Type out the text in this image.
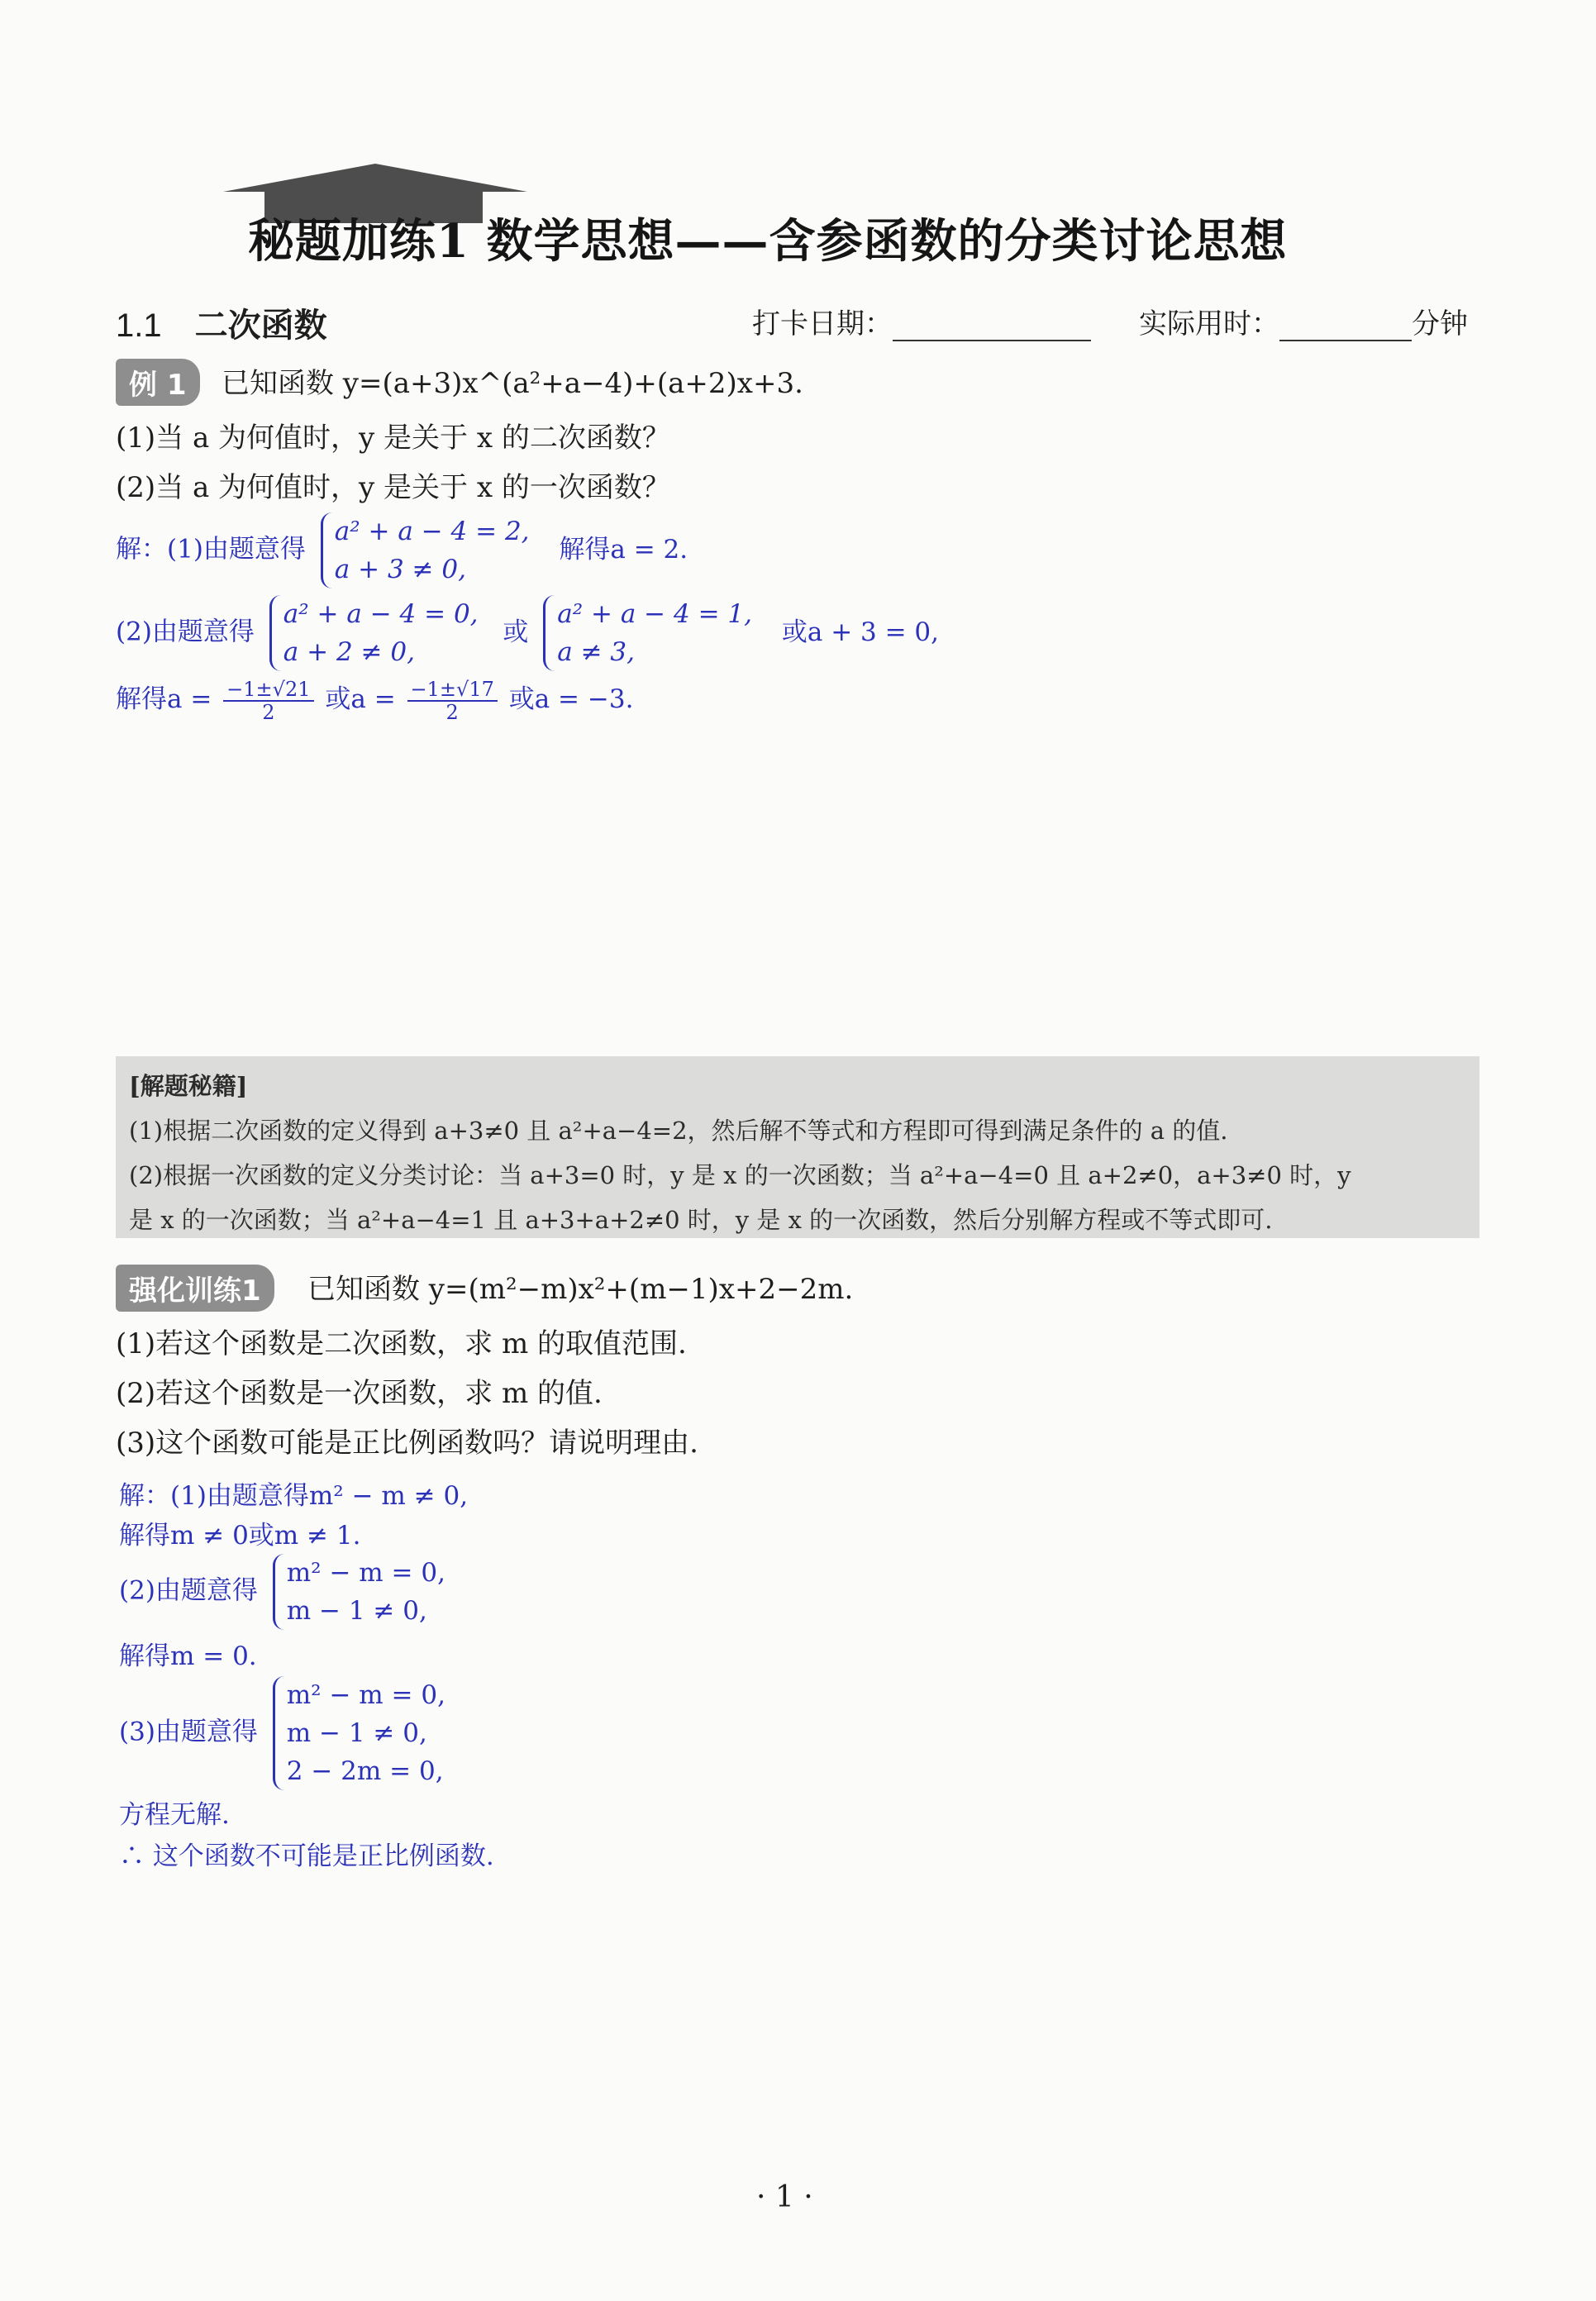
秘题加练1 数学思想——含参函数的分类讨论思想
1.1 二次函数	打卡日期：	实际用时：	分钟
例 1	已知函数 y=(a+3)x^(a²+a−4)+(a+2)x+3.
(1)当 a 为何值时，y 是关于 x 的二次函数？
(2)当 a 为何值时，y 是关于 x 的一次函数？
解：(1)由题意得 a² + a − 4 = 2,
a + 3 ≠ 0, 解得a = 2.
(2)由题意得 a² + a − 4 = 0,
a + 2 ≠ 0, 或 a² + a − 4 = 1,
a ≠ 3, 或a + 3 = 0,
解得$a = \frac{-1\pm√21}{2}$ 或$a = \frac{-1\pm√17}{2}$ 或a = −3.
[解题秘籍]
(1)根据二次函数的定义得到 a+3≠0 且 a²+a−4=2，然后解不等式和方程即可得到满足条件的 a 的值.
(2)根据一次函数的定义分类讨论：当 a+3=0 时，y 是 x 的一次函数；当 a²+a−4=0 且 a+2≠0，a+3≠0 时，y
是 x 的一次函数；当 a²+a−4=1 且 a+3+a+2≠0 时，y 是 x 的一次函数，然后分别解方程或不等式即可.
强化训练1	已知函数 y=(m²−m)x²+(m−1)x+2−2m.
(1)若这个函数是二次函数，求 m 的取值范围.
(2)若这个函数是一次函数，求 m 的值.
(3)这个函数可能是正比例函数吗？请说明理由.
解：(1)由题意得m² − m ≠ 0,
解得m ≠ 0或m ≠ 1.
(2)由题意得 m² − m = 0,
m − 1 ≠ 0,
解得m = 0.
(3)由题意得 m² − m = 0,
m − 1 ≠ 0,
2 − 2m = 0,
方程无解.
∴ 这个函数不可能是正比例函数.
· 1 ·
